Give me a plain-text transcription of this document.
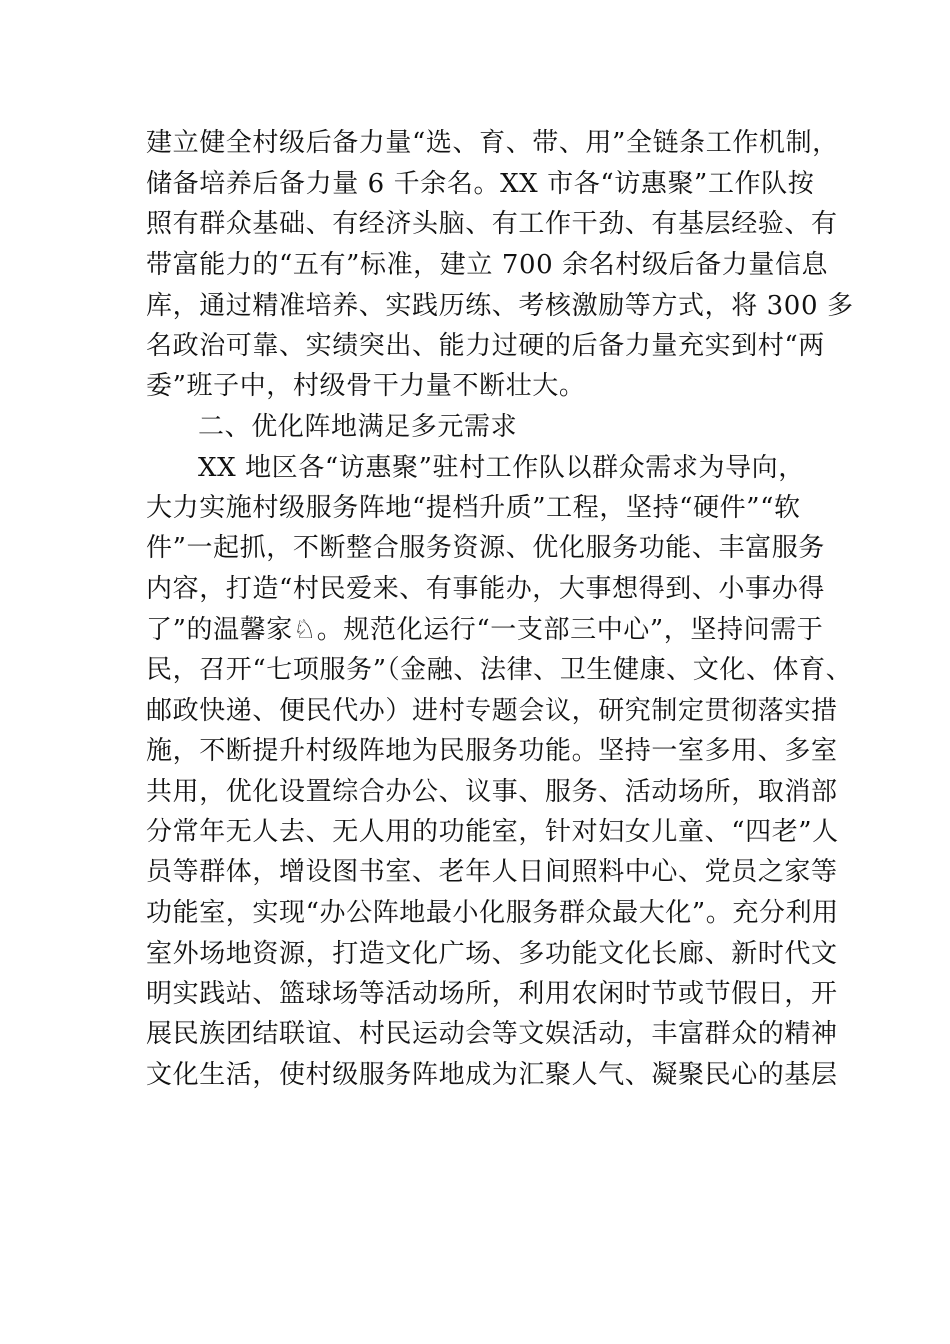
建立健全村级后备力量“选、育、带、用”全链条工作机制，
储备培养后备力量 6 千余名。XX 市各“访惠聚”工作队按
照有群众基础、有经济头脑、有工作干劲、有基层经验、有
带富能力的“五有”标准，建立 700 余名村级后备力量信息
库，通过精准培养、实践历练、考核激励等方式，将 300 多
名政治可靠、实绩突出、能力过硬的后备力量充实到村“两
委”班子中，村级骨干力量不断壮大。
二、优化阵地满足多元需求
XX 地区各“访惠聚”驻村工作队以群众需求为导向，
大力实施村级服务阵地“提档升质”工程，坚持“硬件”“软
件”一起抓，不断整合服务资源、优化服务功能、丰富服务
内容，打造“村民爱来、有事能办，大事想得到、小事办得
了”的温馨家♘。规范化运行“一支部三中心”，坚持问需于
民，召开“七项服务”（金融、法律、卫生健康、文化、体育、
邮政快递、便民代办）进村专题会议，研究制定贯彻落实措
施，不断提升村级阵地为民服务功能。坚持一室多用、多室
共用，优化设置综合办公、议事、服务、活动场所，取消部
分常年无人去、无人用的功能室，针对妇女儿童、“四老”人
员等群体，增设图书室、老年人日间照料中心、党员之家等
功能室，实现“办公阵地最小化服务群众最大化”。充分利用
室外场地资源，打造文化广场、多功能文化长廊、新时代文
明实践站、篮球场等活动场所，利用农闲时节或节假日，开
展民族团结联谊、村民运动会等文娱活动，丰富群众的精神
文化生活，使村级服务阵地成为汇聚人气、凝聚民心的基层
